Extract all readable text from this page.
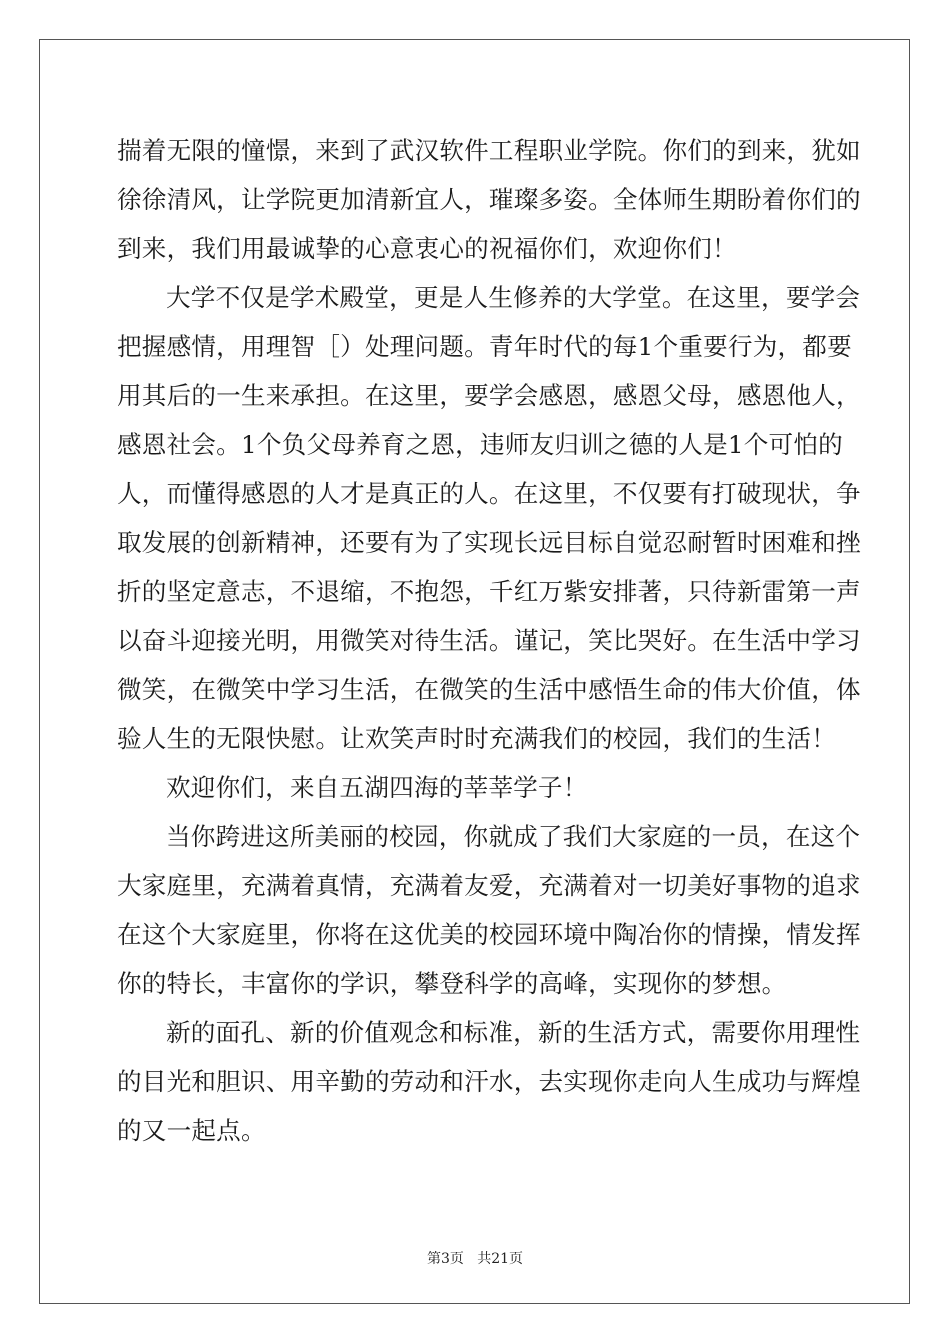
揣着无限的憧憬，来到了武汉软件工程职业学院。你们的到来，犹如
徐徐清风，让学院更加清新宜人，璀璨多姿。全体师生期盼着你们的
到来，我们用最诚挚的心意衷心的祝福你们，欢迎你们！
大学不仅是学术殿堂，更是人生修养的大学堂。在这里，要学会
把握感情，用理智［）处理问题。青年时代的每1个重要行为，都要
用其后的一生来承担。在这里，要学会感恩，感恩父母，感恩他人，
感恩社会。1个负父母养育之恩，违师友归训之德的人是1个可怕的
人，而懂得感恩的人才是真正的人。在这里，不仅要有打破现状，争
取发展的创新精神，还要有为了实现长远目标自觉忍耐暂时困难和挫
折的坚定意志，不退缩，不抱怨，千红万紫安排著，只待新雷第一声
以奋斗迎接光明，用微笑对待生活。谨记，笑比哭好。在生活中学习
微笑，在微笑中学习生活，在微笑的生活中感悟生命的伟大价值，体
验人生的无限快慰。让欢笑声时时充满我们的校园，我们的生活！
欢迎你们，来自五湖四海的莘莘学子！
当你跨进这所美丽的校园，你就成了我们大家庭的一员，在这个
大家庭里，充满着真情，充满着友爱，充满着对一切美好事物的追求
在这个大家庭里，你将在这优美的校园环境中陶冶你的情操，情发挥
你的特长，丰富你的学识，攀登科学的高峰，实现你的梦想。
新的面孔、新的价值观念和标准，新的生活方式，需要你用理性
的目光和胆识、用辛勤的劳动和汗水，去实现你走向人生成功与辉煌
的又一起点。
第3页   共21页
